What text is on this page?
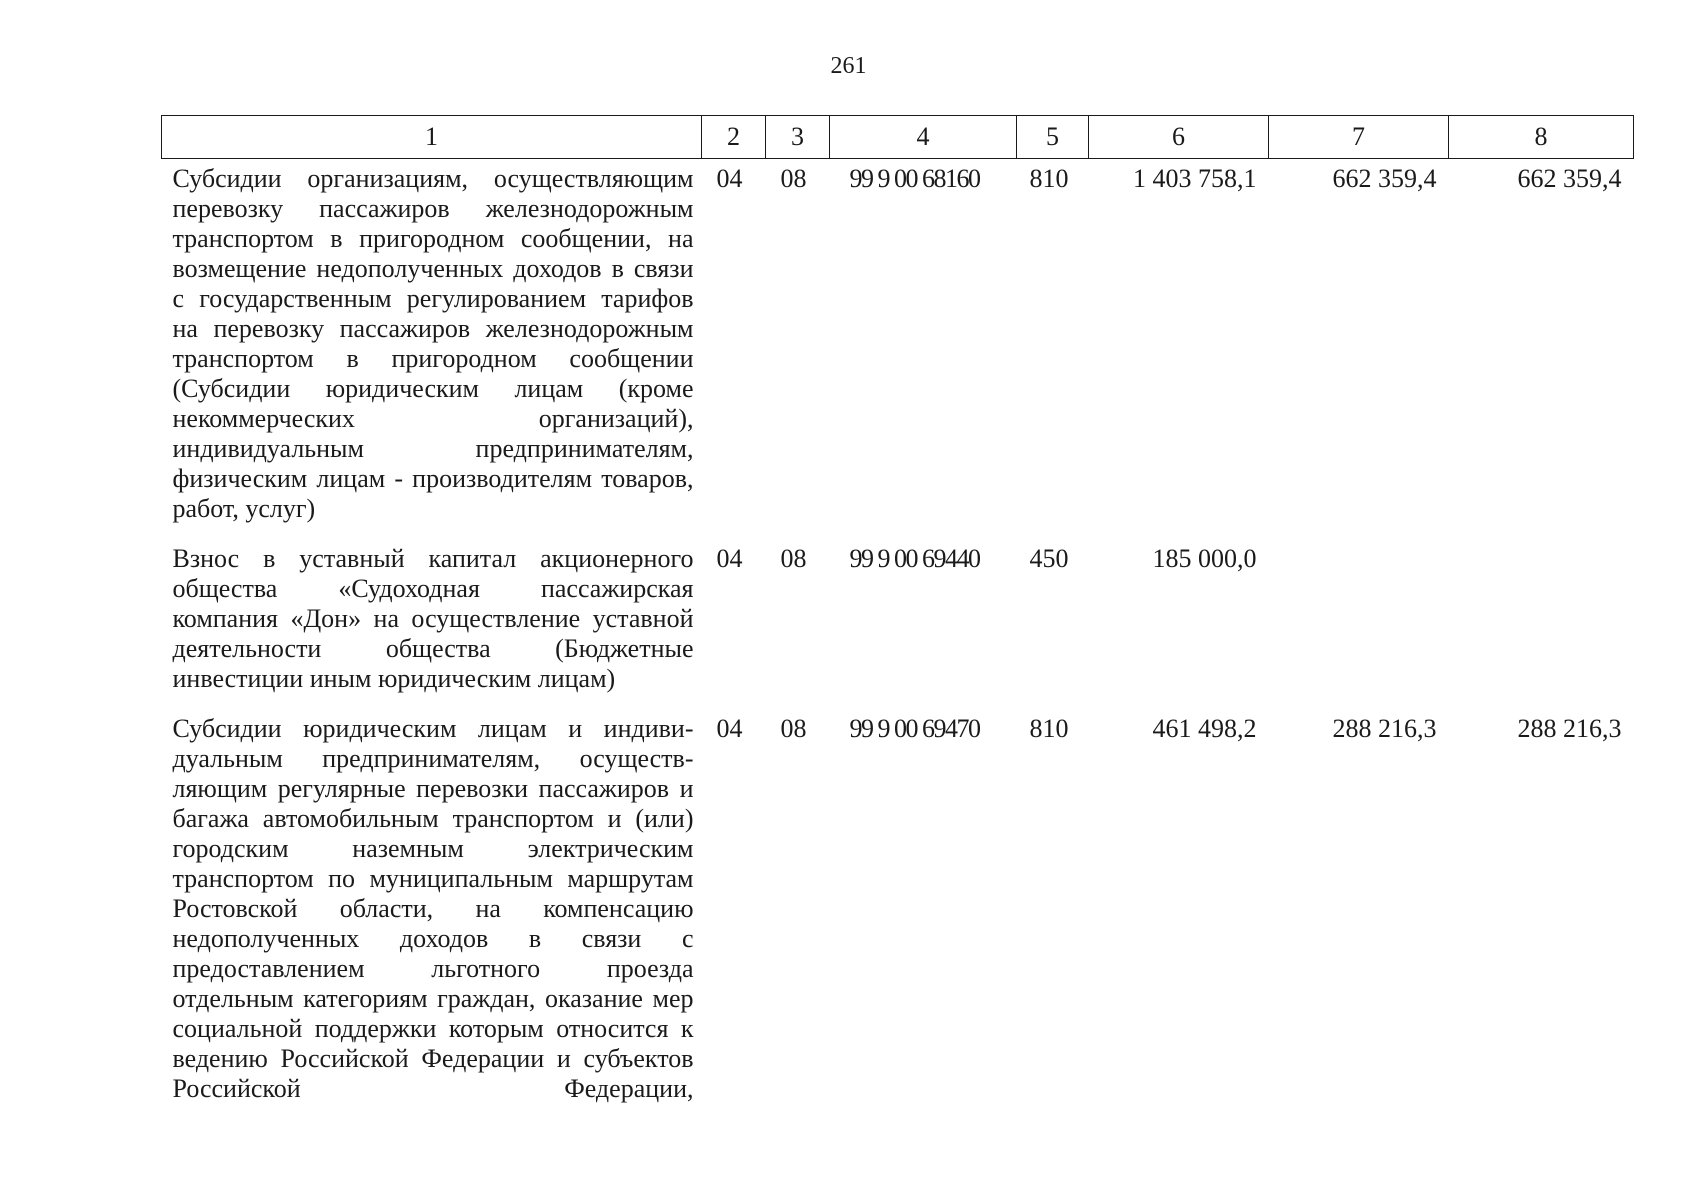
261
1	2	3	4	5	6	7	8
Субсидии организациям, осуществляющим перевозку пассажиров железнодорожным транспортом в пригородном сообщении, на возмещение недополученных доходов в связи с государственным регулированием тарифов на перевозку пассажиров железнодорожным транспортом в пригородном сообщении (Субсидии юридическим лицам (кроме некоммерческих организаций), индивидуальным предпринимателям, физическим лицам - производителям товаров, работ, услуг)	04	08	99 9 00 68160	810	1 403 758,1	662 359,4	662 359,4
Взнос в уставный капитал акционерного общества «Судоходная пассажирская компания «Дон» на осуществление уставной деятельности общества (Бюджетные инвестиции иным юридическим лицам)	04	08	99 9 00 69440	450	185 000,0		
Субсидии юридическим лицам и индивидуальным предпринимателям, осуществляющим регулярные перевозки пассажиров и багажа автомобильным транспортом и (или) городским наземным электрическим транспортом по муниципальным маршрутам Ростовской области, на компенсацию недополученных доходов в связи с предоставлением льготного проезда отдельным категориям граждан, оказание мер социальной поддержки которым относится к ведению Российской Федерации и субъектов Российской Федерации,	04	08	99 9 00 69470	810	461 498,2	288 216,3	288 216,3
